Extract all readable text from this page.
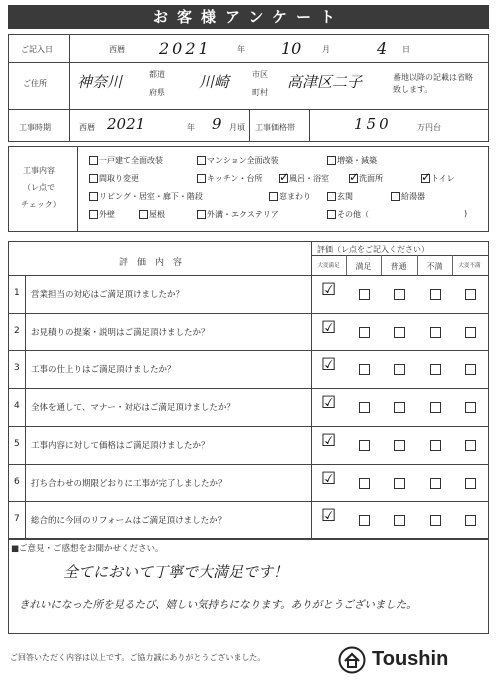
お客様アンケート
ご記入日	西暦 2021	年 10	月	4 日
ご住所 神奈川	都道
府県
川崎	市区
町村
高津区二子	番地以降の記載は省略致します。
工事時期	西暦 2021	年 9 月頃 工事価格帯	150	万円台
工事内容
（レ点で
チェック）
一戸建て全面改装	マンション全面改装	増築・減築
間取り変更	キッチン・台所 ✓ 風呂・浴室 ✓ 洗面所	✓ トイレ
リビング・居室・廊下・階段	窓まわり	玄関	給湯器
外壁	屋根	外溝・エクステリア	その他（	)
評　価　内　容
評価（レ点をご記入ください）
大変満足	満足	普通	不満	大変不満
1 営業担当の対応はご満足頂けましたか？	☑
2 お見積りの提案・説明はご満足頂けましたか？	☑
3 工事の仕上りはご満足頂けましたか？	☑
4 全体を通して、マナー・対応はご満足頂けましたか？	☑
5 工事内容に対して価格はご満足頂けましたか？	☑
6 打ち合わせの期限どおりに工事が完了しましたか？	☑
7 総合的に今回のリフォームはご満足頂けましたか？	☑
■ご意見・ご感想をお聞かせください。
全てにおいて丁寧で大満足です！
きれいになった所を見るたび、嬉しい気持ちになります。ありがとうございました。
ご回答いただく内容は以上です。ご協力誠にありがとうございました。	Toushin
